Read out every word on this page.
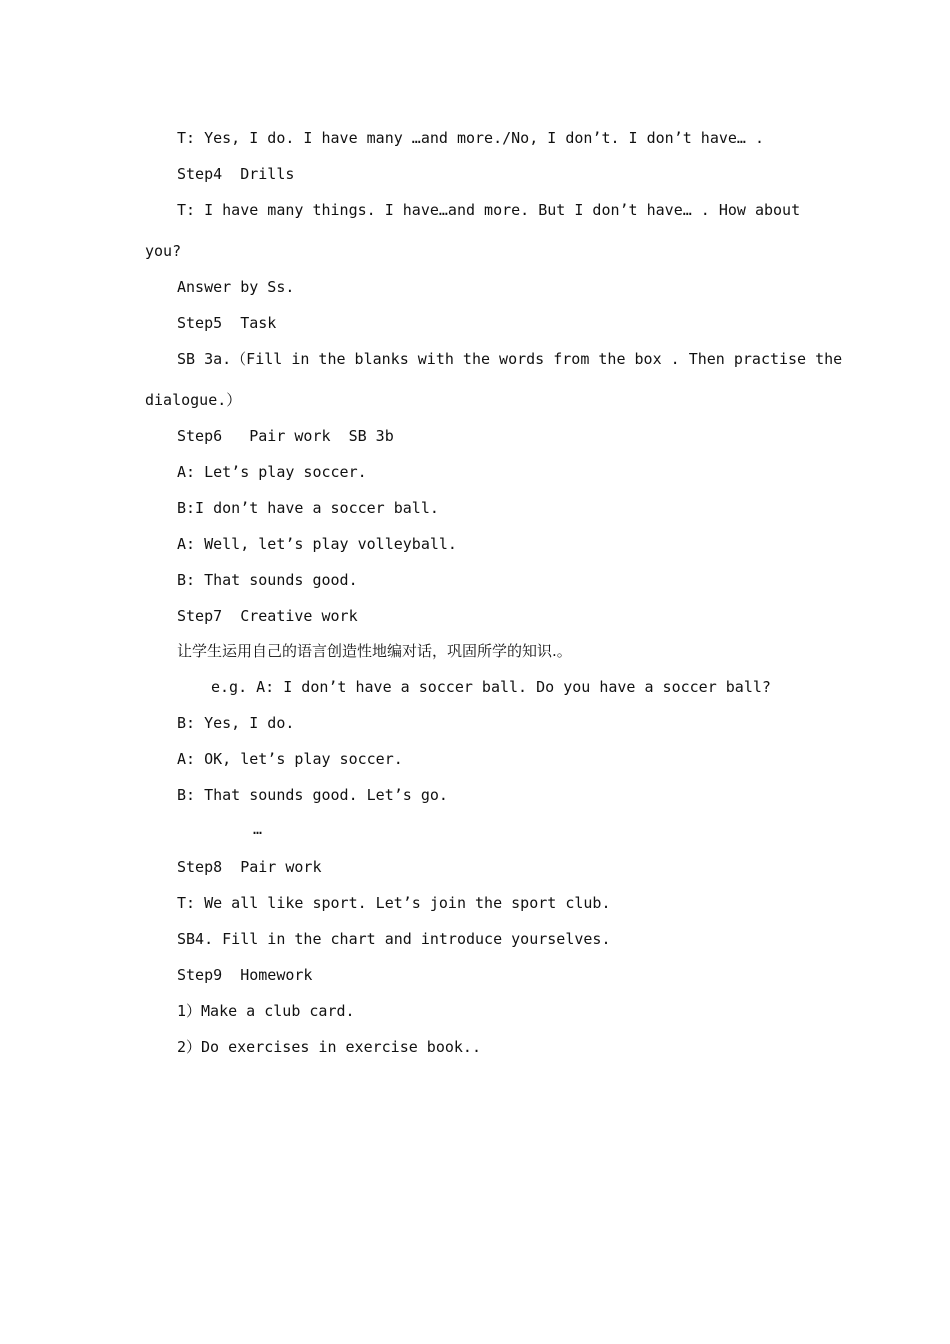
T: Yes, I do. I have many …and more./No, I don’t. I don’t have… .
Step4  Drills
T: I have many things. I have…and more. But I don’t have… . How about
you?
Answer by Ss.
Step5  Task
SB 3a.（Fill in the blanks with the words from the box . Then practise the
dialogue.）
Step6   Pair work  SB 3b
A: Let’s play soccer.
B:I don’t have a soccer ball.
A: Well, let’s play volleyball.
B: That sounds good.
Step7  Creative work
让学生运用自己的语言创造性地编对话，巩固所学的知识.。
e.g. A: I don’t have a soccer ball. Do you have a soccer ball?
B: Yes, I do.
A: OK, let’s play soccer.
B: That sounds good. Let’s go.
…
Step8  Pair work
T: We all like sport. Let’s join the sport club.
SB4. Fill in the chart and introduce yourselves.
Step9  Homework
1）Make a club card.
2）Do exercises in exercise book..
